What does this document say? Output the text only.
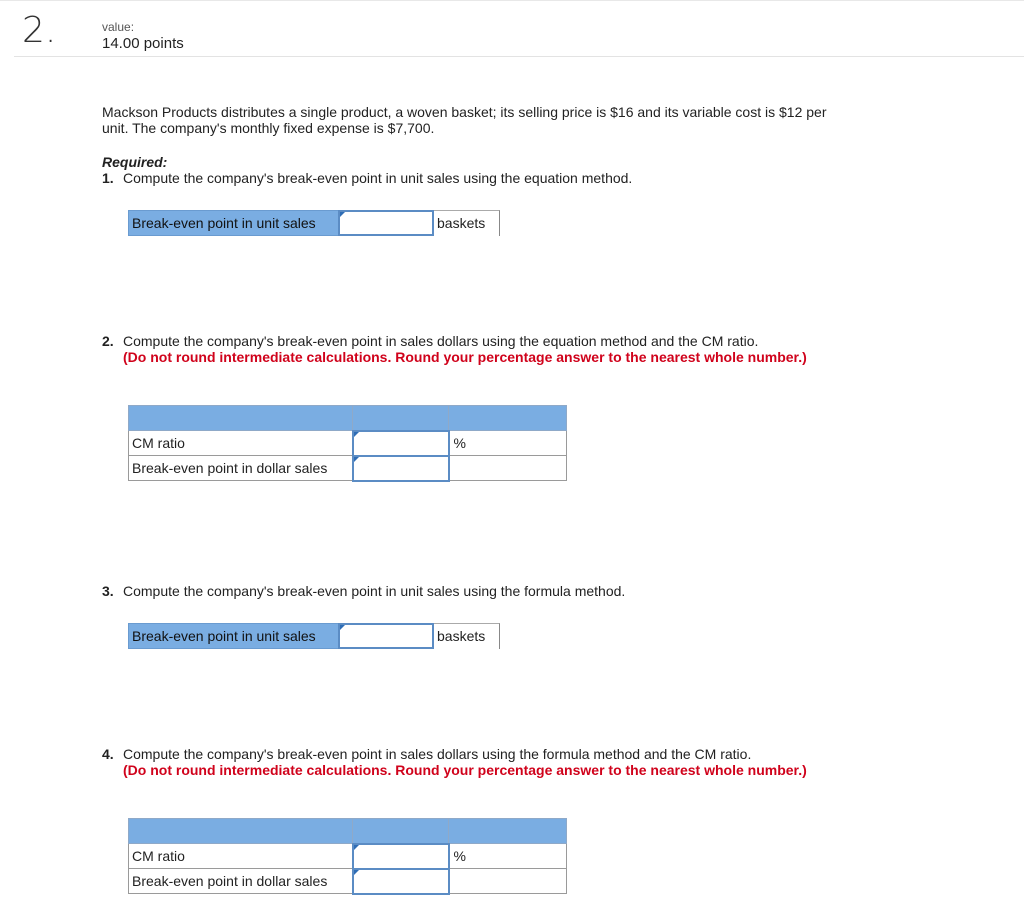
2.	value:
14.00 points
Mackson Products distributes a single product, a woven basket; its selling price is $16 and its variable cost is $12 per unit. The company's monthly fixed expense is $7,700.
Required:
1. Compute the company's break-even point in unit sales using the equation method.
Break-even point in unit sales	baskets
2. Compute the company's break-even point in sales dollars using the equation method and the CM ratio.
(Do not round intermediate calculations. Round your percentage answer to the nearest whole number.)

CM ratio		%
Break-even point in dollar sales	

3. Compute the company's break-even point in unit sales using the formula method.
Break-even point in unit sales	baskets
4. Compute the company's break-even point in sales dollars using the formula method and the CM ratio.
(Do not round intermediate calculations. Round your percentage answer to the nearest whole number.)

CM ratio		%
Break-even point in dollar sales	
